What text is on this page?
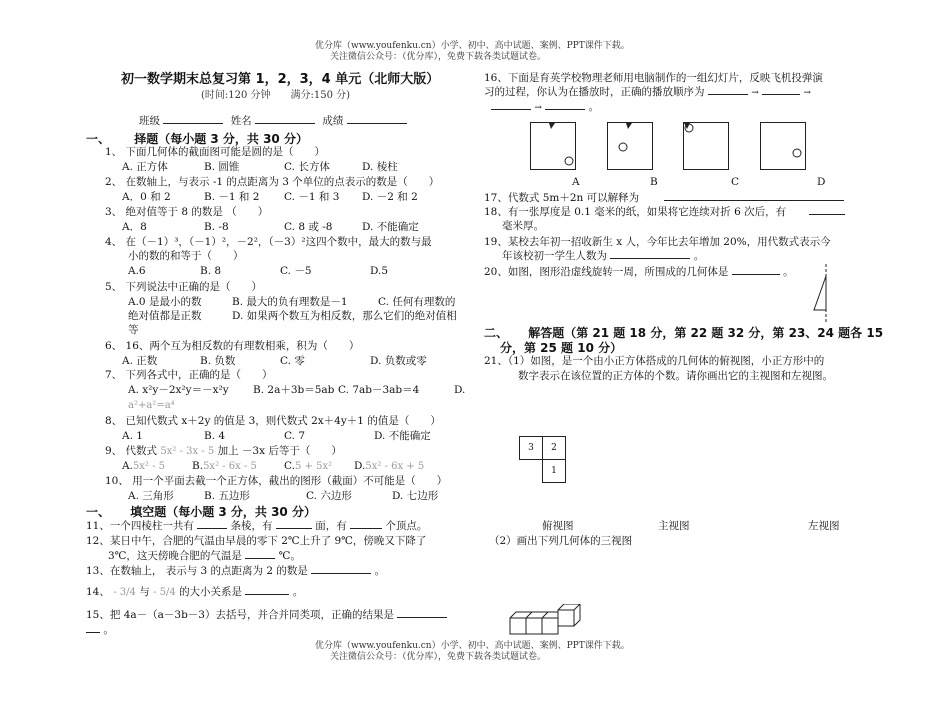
优分库（www.youfenku.cn）小学、初中、高中试题、案例、PPT课件下载。
关注微信公众号：（优分库），免费下载各类试题试卷。
初一数学期末总复习第 1，2，3，4 单元（北师大版）
(时间:120 分钟　　满分:150 分)
班级	姓名	成绩
一、 择题（每小题 3 分，共 30 分）
1、 下面几何体的截面图可能是圆的是（　　）
A. 正方体	B. 圆锥	C. 长方体	D. 棱柱
2、 在数轴上，与表示 -1 的点距离为 3 个单位的点表示的数是（　　）
A．0 和 2	B. －1 和 2 C. －1 和 3 D. －2 和 2
3、 绝对值等于 8 的数是 （　　）
A．8	B. -8	C. 8 或 -8	D. 不能确定
4、 在（－1）³，（－1）²，－2²，（－3）²这四个数中，最大的数与最
小的数的和等于（　　）
A.6	B. 8	C. －5	D.5
5、 下列说法中正确的是（　　）
A.0 是最小的数	B. 最大的负有理数是－1	C. 任何有理数的
绝对值都是正数	D. 如果两个数互为相反数，那么它们的绝对值相
等
6、 16、两个互为相反数的有理数相乘，积为（　　）
A. 正数	B. 负数	C. 零	D. 负数或零
7、 下列各式中，正确的是（　　）
A. x²y－2x²y＝－x²y B. 2a＋3b＝5ab C. 7ab－3ab＝4	D.
a²+a²=a⁴
8、 已知代数式 x＋2y 的值是 3，则代数式 2x＋4y＋1 的值是（　　）
A. 1	B. 4	C. 7	D. 不能确定
9、 代数式 5x² - 3x - 5 加上 －3x 后等于（　　）
A.5x² - 5	B.5x² - 6x - 5	C.5 + 5x² D.5x² - 6x + 5
10、 用一个平面去截一个正方体，截出的图形（截面）不可能是（　　）
A. 三角形	B. 五边形	C. 六边形	D. 七边形
一、 填空题（每小题 3 分，共 30 分）
11、一个四棱柱一共有	条棱，有	面，有	个顶点。
12、某日中午，合肥的气温由早晨的零下 2℃上升了 9℃，傍晚又下降了
3℃，这天傍晚合肥的气温是	℃。
13、在数轴上， 表示与 3 的点距离为 2 的数是	。
14、 - 3/4 与 - 5/4 的大小关系是	。
15、把 4a－（a－3b－3）去括号，并合并同类项，正确的结果是
。
16、下面是育英学校物理老师用电脑制作的一组幻灯片，反映飞机投弹演
习的过程，你认为在播放时，正确的播放顺序为	→	→
→	。
A	B	C	D
17、代数式 5m＋2n 可以解释为
18、有一张厚度是 0.1 毫米的纸，如果将它连续对折 6 次后，有
毫米厚。
19、某校去年初一招收新生 x 人，今年比去年增加 20%，用代数式表示今
年该校初一学生人数为	。
20、如图，图形沿虚线旋转一周，所围成的几何体是	。
二、 解答题（第 21 题 18 分，第 22 题 32 分，第 23、24 题各 15
分，第 25 题 10 分）
21、（1）如图，是一个由小正方体搭成的几何体的俯视图，小正方形中的
数字表示在该位置的正方体的个数。请你画出它的主视图和左视图。
3	2
	1
俯视图	主视图	左视图
（2）画出下列几何体的三视图
优分库（www.youfenku.cn）小学、初中、高中试题、案例、PPT课件下载。
关注微信公众号：（优分库），免费下载各类试题试卷。
